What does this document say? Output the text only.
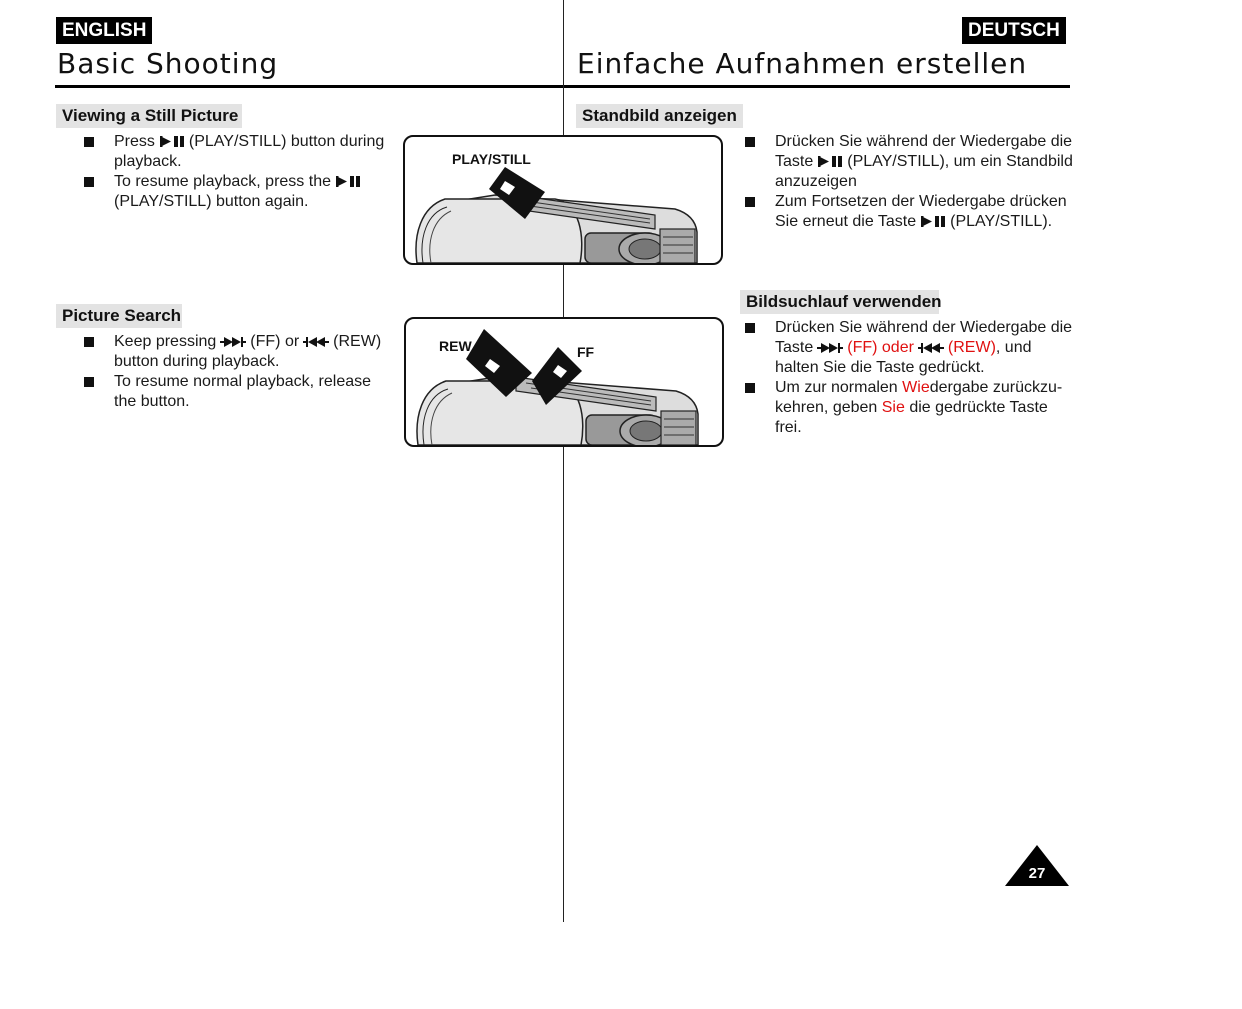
ENGLISH	DEUTSCH
Basic Shooting	Einfache Aufnahmen erstellen
Viewing a Still Picture

Press (PLAY/STILL) button during playback.

To resume playback, press the(PLAY/STILL) button again.

PLAY/STILL
Picture Search

Keep pressing (FF) or (REW) button during playback.

To resume normal playback, release the button.

REW	FF
Standbild anzeigen

Drücken Sie während der Wiedergabe die Taste (PLAY/STILL), um ein Standbild anzuzeigen

Zum Fortsetzen der Wiedergabe drücken Sie erneut die Taste (PLAY/STILL).

Bildsuchlauf verwenden

Drücken Sie während der Wiedergabe die Taste (FF) oder (REW), und halten Sie die Taste gedrückt.

Um zur normalen Wiedergabe zurückzu-kehren, geben Sie die gedrückte Taste frei.

27
